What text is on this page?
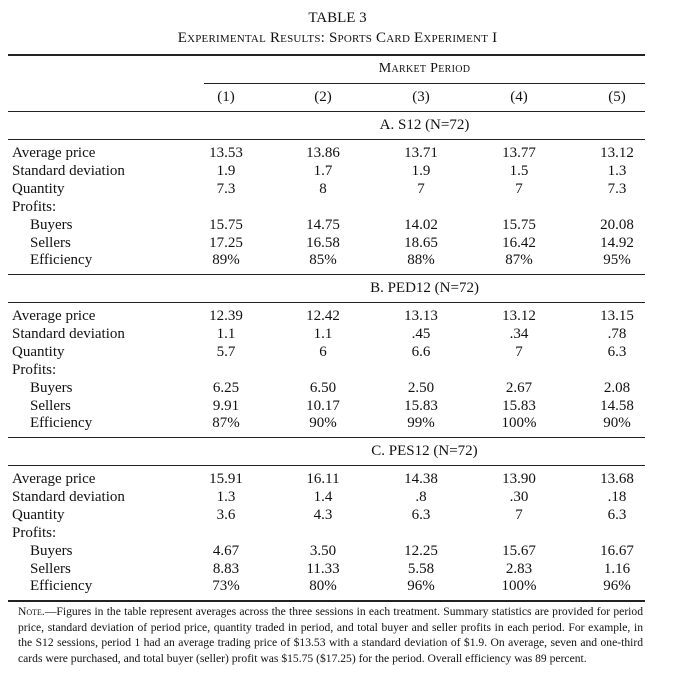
TABLE 3
Experimental Results: Sports Card Experiment I
Market Period
(1)	(2)	(3)	(4)	(5)
A. S12 (N=72)
Average price	13.53	13.86	13.71	13.77	13.12
Standard deviation	1.9	1.7	1.9	1.5	1.3
Quantity	7.3	8	7	7	7.3
Profits:
Buyers	15.75	14.75	14.02	15.75	20.08
Sellers	17.25	16.58	18.65	16.42	14.92
Efficiency	89%	85%	88%	87%	95%
B. PED12 (N=72)
Average price	12.39	12.42	13.13	13.12	13.15
Standard deviation	1.1	1.1	.45	.34	.78
Quantity	5.7	6	6.6	7	6.3
Profits:
Buyers	6.25	6.50	2.50	2.67	2.08
Sellers	9.91	10.17	15.83	15.83	14.58
Efficiency	87%	90%	99%	100%	90%
C. PES12 (N=72)
Average price	15.91	16.11	14.38	13.90	13.68
Standard deviation	1.3	1.4	.8	.30	.18
Quantity	3.6	4.3	6.3	7	6.3
Profits:
Buyers	4.67	3.50	12.25	15.67	16.67
Sellers	8.83	11.33	5.58	2.83	1.16
Efficiency	73%	80%	96%	100%	96%
Note.—Figures in the table represent averages across the three sessions in each treatment. Summary statistics are provided for period price, standard deviation of period price, quantity traded in period, and total buyer and seller profits in each period. For example, in the S12 sessions, period 1 had an average trading price of $13.53 with a standard deviation of $1.9. On average, seven and one-third cards were purchased, and total buyer (seller) profit was $15.75 ($17.25) for the period. Overall efficiency was 89 percent.
